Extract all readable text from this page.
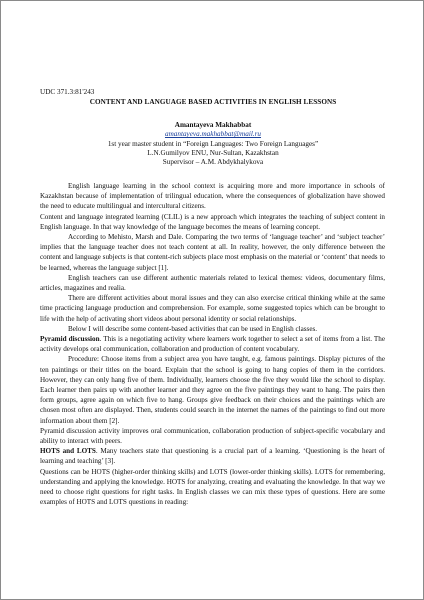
UDC 371.3:81'243
CONTENT AND LANGUAGE BASED ACTIVITIES IN ENGLISH LESSONS
Amantayeva Makhabbat
amantayeva.makhabbat@mail.ru
1st year master student in “Foreign Languages: Two Foreign Languages”
L.N.Gumilyov ENU, Nur-Sultan, Kazakhstan
Supervisor – A.M. Abdykhalykova

English language learning in the school context is acquiring more and more importance in schools of Kazakhstan because of implementation of trilingual education, where the consequences of globalization have showed the need to educate multilingual and intercultural citizens.

Content and language integrated learning (CLIL) is a new approach which integrates the teaching of subject content in English language. In that way knowledge of the language becomes the means of learning concept.

According to Mehisto, Marsh and Dale. Comparing the two terms of ‘language teacher’ and ‘subject teacher’ implies that the language teacher does not teach content at all. In reality, however, the only difference between the content and language subjects is that content-rich subjects place most emphasis on the material or ‘content’ that needs to be learned, whereas the language subject [1].

English teachers can use different authentic materials related to lexical themes: videos, documentary films, articles, magazines and realia.

There are different activities about moral issues and they can also exercise critical thinking while at the same time practicing language production and comprehension. For example, some suggested topics which can be brought to life with the help of activating short videos about personal identity or social relationships.

Below I will describe some content-based activities that can be used in English classes.

Pyramid discussion. This is a negotiating activity where learners work together to select a set of items from a list. The activity develops oral communication, collaboration and production of content vocabulary.

Procedure: Choose items from a subject area you have taught, e.g. famous paintings. Display pictures of the ten paintings or their titles on the board. Explain that the school is going to hang copies of them in the corridors. However, they can only hang five of them. Individually, learners choose the five they would like the school to display. Each learner then pairs up with another learner and they agree on the five paintings they want to hang. The pairs then form groups, agree again on which five to hang. Groups give feedback on their choices and the paintings which are chosen most often are displayed. Then, students could search in the internet the names of the paintings to find out more information about them [2].

Pyramid discussion activity improves oral communication, collaboration production of subject-specific vocabulary and ability to interact with peers.

HOTS and LOTS. Many teachers state that questioning is a crucial part of a learning. ‘Questioning is the heart of learning and teaching’ [3].

Questions can be HOTS (higher-order thinking skills) and LOTS (lower-order thinking skills). LOTS for remembering, understanding and applying the knowledge. HOTS for analyzing, creating and evaluating the knowledge. In that way we need to choose right questions for right tasks. In English classes we can mix these types of questions. Here are some examples of HOTS and LOTS questions in reading:
